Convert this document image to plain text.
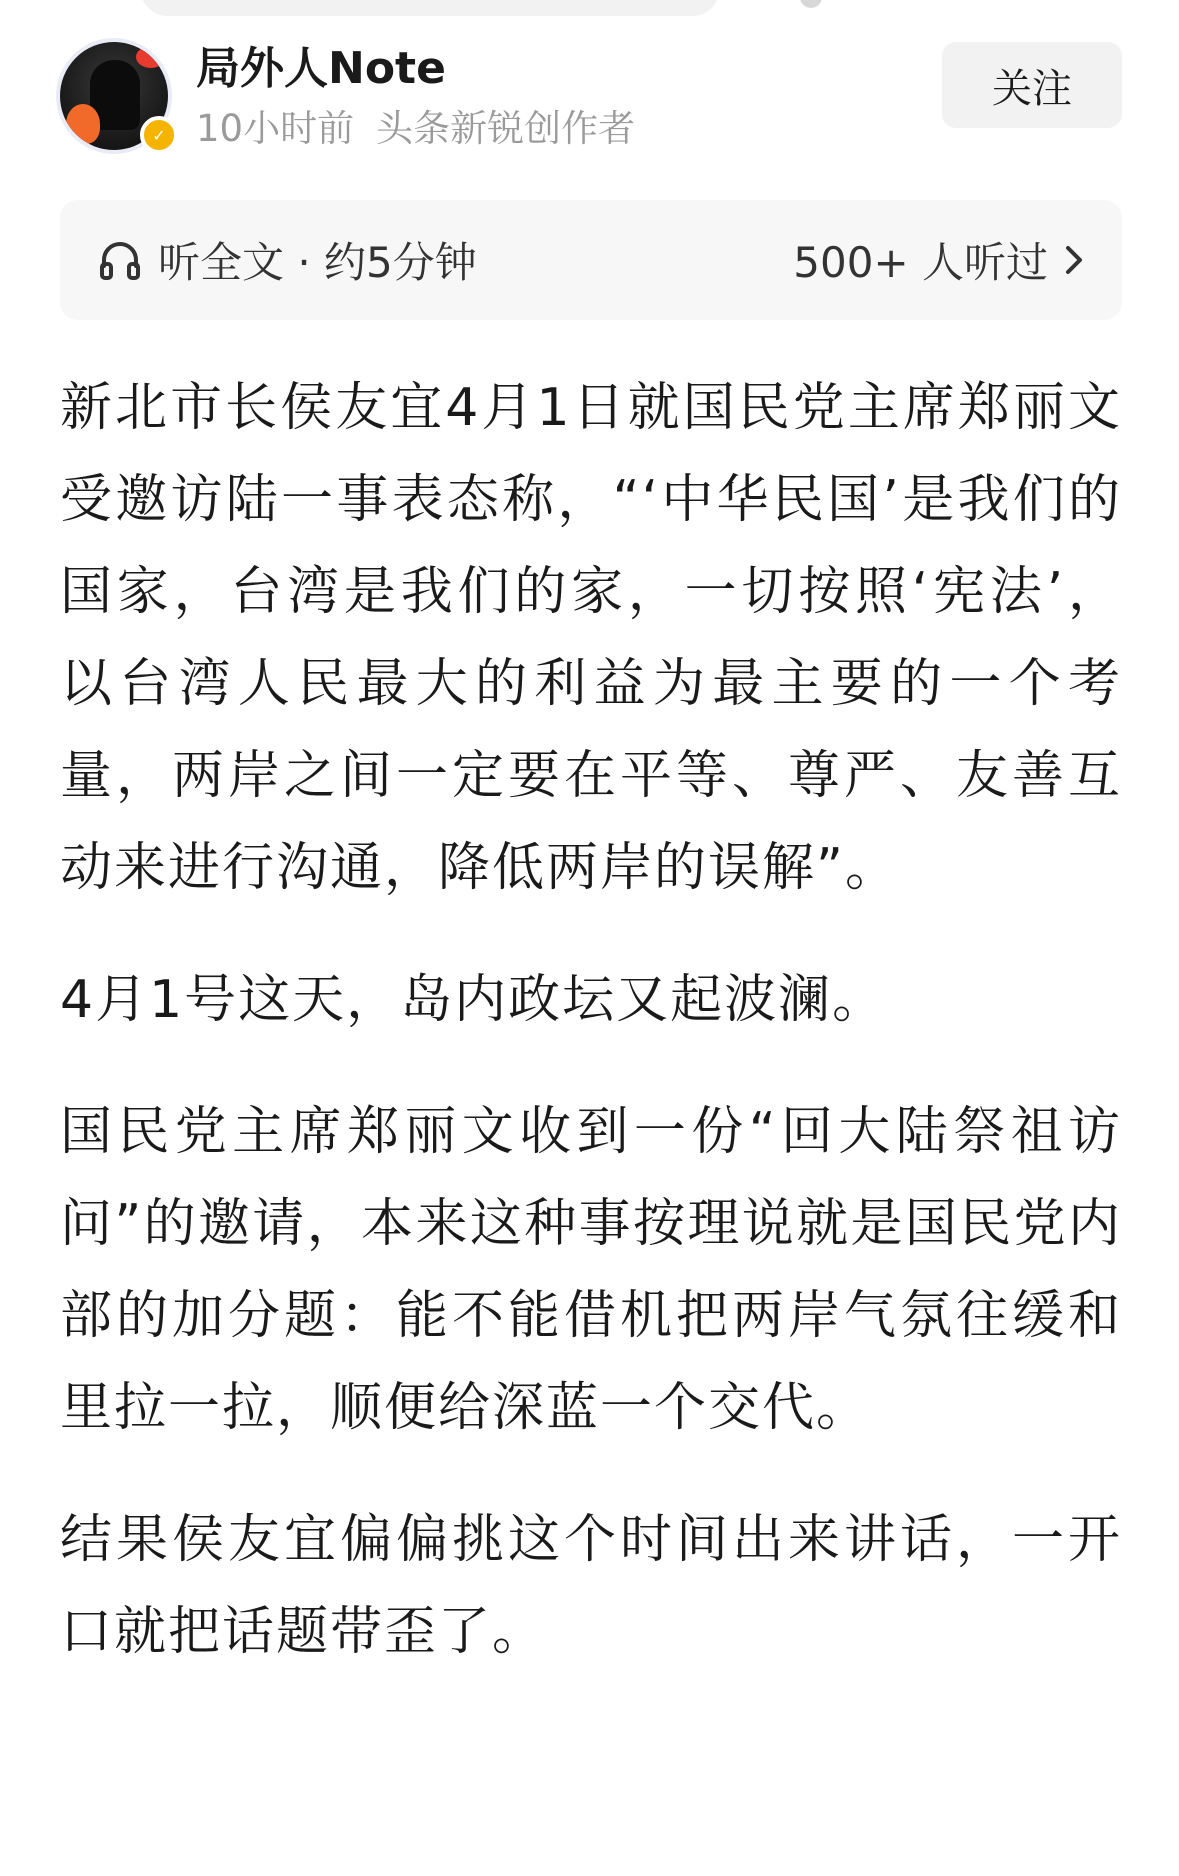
✓
局外人Note
10小时前 头条新锐创作者
关注
听全文 · 约5分钟	500+ 人听过

新北市长侯友宜4月1日就国民党主席郑丽文受邀访陆一事表态称，“‘中华民国’是我们的国家，台湾是我们的家，一切按照‘宪法’，以台湾人民最大的利益为最主要的一个考量，两岸之间一定要在平等、尊严、友善互动来进行沟通，降低两岸的误解”。

4月1号这天，岛内政坛又起波澜。

国民党主席郑丽文收到一份“回大陆祭祖访问”的邀请，本来这种事按理说就是国民党内部的加分题：能不能借机把两岸气氛往缓和里拉一拉，顺便给深蓝一个交代。

结果侯友宜偏偏挑这个时间出来讲话，一开口就把话题带歪了。
